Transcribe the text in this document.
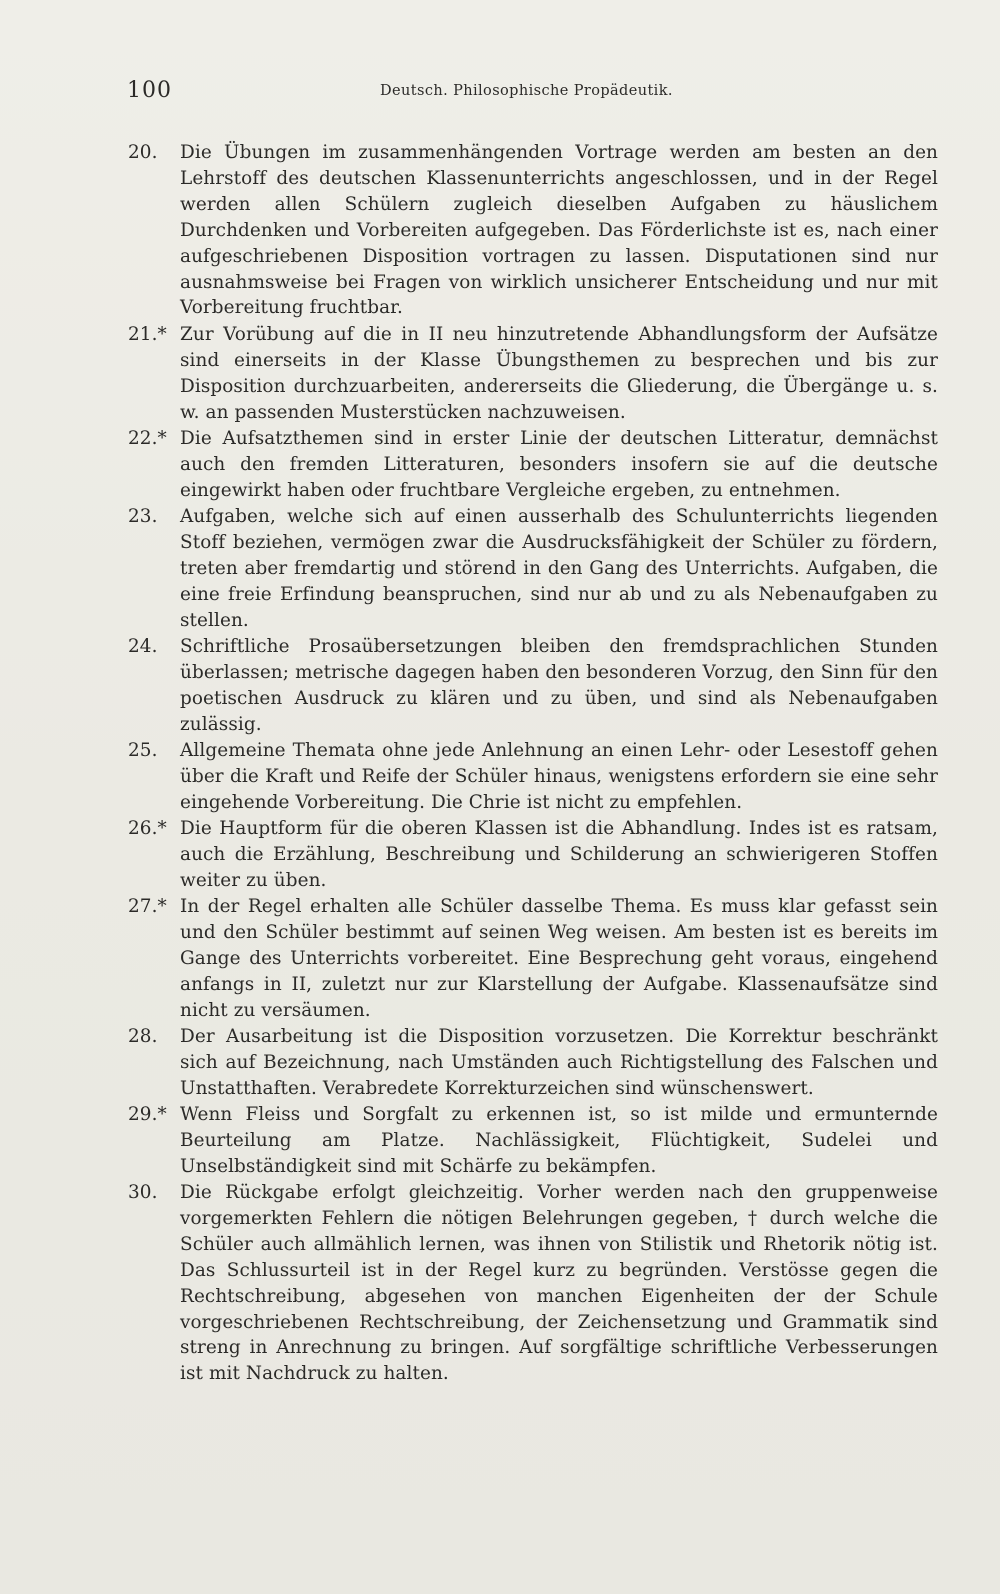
100	Deutsch. Philosophische Propädeutik.

20. Die Übungen im zusammenhängenden Vortrage werden am besten an den Lehrstoff des deutschen Klassenunterrichts angeschlossen, und in der Regel werden allen Schülern zugleich dieselben Aufgaben zu häuslichem Durchdenken und Vorbereiten aufgegeben. Das Förderlichste ist es, nach einer aufgeschriebenen Disposition vortragen zu lassen. Disputationen sind nur ausnahmsweise bei Fragen von wirklich unsicherer Entscheidung und nur mit Vorbereitung fruchtbar.

21.* Zur Vorübung auf die in II neu hinzutretende Abhandlungsform der Aufsätze sind einerseits in der Klasse Übungsthemen zu besprechen und bis zur Disposition durchzuarbeiten, andererseits die Gliederung, die Übergänge u. s. w. an passenden Musterstücken nachzuweisen.

22.* Die Aufsatzthemen sind in erster Linie der deutschen Litteratur, demnächst auch den fremden Litteraturen, besonders insofern sie auf die deutsche eingewirkt haben oder fruchtbare Vergleiche ergeben, zu entnehmen.

23. Aufgaben, welche sich auf einen ausserhalb des Schulunterrichts liegenden Stoff beziehen, vermögen zwar die Ausdrucksfähigkeit der Schüler zu fördern, treten aber fremdartig und störend in den Gang des Unterrichts. Aufgaben, die eine freie Erfindung beanspruchen, sind nur ab und zu als Nebenaufgaben zu stellen.

24. Schriftliche Prosaübersetzungen bleiben den fremdsprachlichen Stunden überlassen; metrische dagegen haben den besonderen Vorzug, den Sinn für den poetischen Ausdruck zu klären und zu üben, und sind als Nebenaufgaben zulässig.

25. Allgemeine Themata ohne jede Anlehnung an einen Lehr- oder Lesestoff gehen über die Kraft und Reife der Schüler hinaus, wenigstens erfordern sie eine sehr eingehende Vorbereitung. Die Chrie ist nicht zu empfehlen.

26.* Die Hauptform für die oberen Klassen ist die Abhandlung. Indes ist es ratsam, auch die Erzählung, Beschreibung und Schilderung an schwierigeren Stoffen weiter zu üben.

27.* In der Regel erhalten alle Schüler dasselbe Thema. Es muss klar gefasst sein und den Schüler bestimmt auf seinen Weg weisen. Am besten ist es bereits im Gange des Unterrichts vorbereitet. Eine Besprechung geht voraus, eingehend anfangs in II, zuletzt nur zur Klarstellung der Aufgabe. Klassenaufsätze sind nicht zu versäumen.

28. Der Ausarbeitung ist die Disposition vorzusetzen. Die Korrektur beschränkt sich auf Bezeichnung, nach Umständen auch Richtigstellung des Falschen und Unstatthaften. Verabredete Korrekturzeichen sind wünschenswert.

29.* Wenn Fleiss und Sorgfalt zu erkennen ist, so ist milde und ermunternde Beurteilung am Platze. Nachlässigkeit, Flüchtigkeit, Sudelei und Unselbständigkeit sind mit Schärfe zu bekämpfen.

30. Die Rückgabe erfolgt gleichzeitig. Vorher werden nach den gruppenweise vorgemerkten Fehlern die nötigen Belehrungen gegeben, † durch welche die Schüler auch allmählich lernen, was ihnen von Stilistik und Rhetorik nötig ist. Das Schlussurteil ist in der Regel kurz zu begründen. Verstösse gegen die Rechtschreibung, abgesehen von manchen Eigenheiten der der Schule vorgeschriebenen Rechtschreibung, der Zeichensetzung und Grammatik sind streng in Anrechnung zu bringen. Auf sorgfältige schriftliche Verbesserungen ist mit Nachdruck zu halten.
